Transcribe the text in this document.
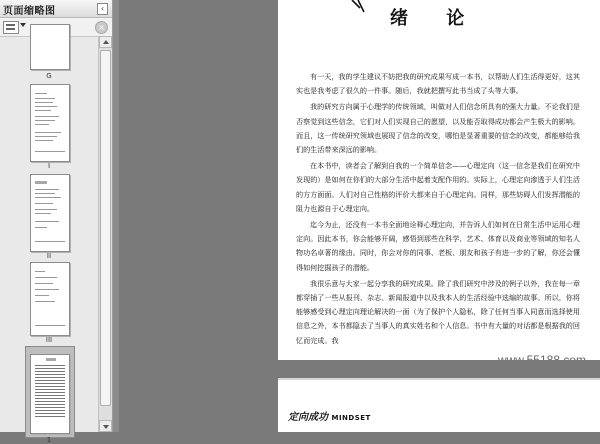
页面缩略图	‹
×
G
I
II
III
1
绪 论

有一天，我的学生建议不妨把我的研究成果写成一本书，以帮助人们生活得更好，这其实也是我考虑了很久的一件事。随后，我就把撰写此书当成了头等大事。

我的研究方向属于心理学的传统领域，叫做对人们信念所具有的强大力量。不论我们是否察觉到这些信念，它们对人们实现自己的愿望，以及能否取得成功都会产生极大的影响。而且，这一传统研究领域也展现了信念的改变，哪怕是显著重要的信念的改变，都能够给我们的生活带来深远的影响。

在本书中，读者会了解到自我的一个简单信念——心理定向（这一信念是我们在研究中发现的）是如何在你们的大部分生活中起着支配作用的。实际上，心理定向渗透于人们生活的方方面面。人们对自己性格的评价大都来自于心理定向。同样，那些妨碍人们发挥潜能的阻力也源自于心理定向。

迄今为止，还没有一本书全面地诠释心理定向，并告诉人们如何在日常生活中运用心理定向。因此本书，你会能够开阔，感悟到那些在科学、艺术、体育以及商业等领域的知名人物功名卓著的缘由。同时，你会对你的同事、老板、朋友和孩子有进一步的了解，你还会懂得如何挖掘孩子的潜能。

我很乐意与大家一起分享我的研究成果。除了我们研究中涉及的例子以外，我在每一章都穿插了一些从报刊、杂志、新闻报道中以及我本人的生活经验中选编的故事。所以，你将能够感受到心理定向理论解决的一面（为了保护个人隐私，除了任何当事人同意而选择使用信息之外，本书都隐去了当事人的真实姓名和个人信息。书中有大量的对话都是根据我的回忆而完成。我

定向成功 MINDSET
